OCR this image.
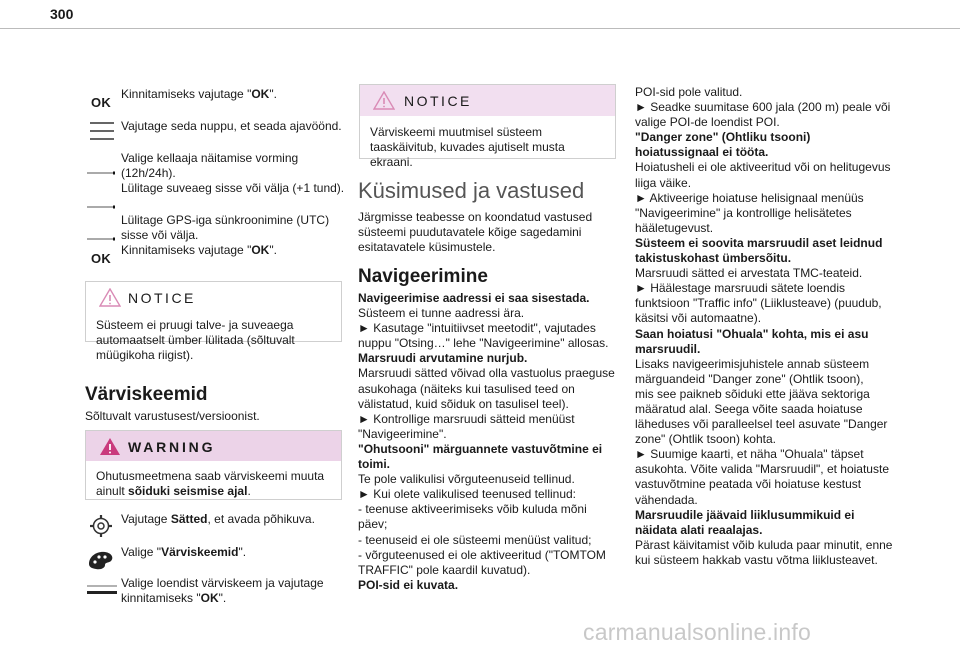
300
OK
Kinnitamiseks vajutage "OK".
Vajutage seda nuppu, et seada ajavöönd.
Valige kellaaja näitamise vorming (12h/24h).
Lülitage suveaeg sisse või välja (+1 tund).
Lülitage GPS-iga sünkroonimine (UTC) sisse või välja.
OK
Kinnitamiseks vajutage "OK".
NOTICE
Süsteem ei pruugi talve- ja suveaega automaatselt ümber lülitada (sõltuvalt müügikoha riigist).
Värviskeemid
Sõltuvalt varustusest/versioonist.
WARNING
Ohutusmeetmena saab värviskeemi muuta ainult sõiduki seismise ajal.
Vajutage Sätted, et avada põhikuva.
Valige "Värviskeemid".
Valige loendist värviskeem ja vajutage kinnitamiseks "OK".
NOTICE
Värviskeemi muutmisel süsteem taaskäivitub, kuvades ajutiselt musta ekraani.
Küsimused ja vastused
Järgmisse teabesse on koondatud vastused süsteemi puudutavatele kõige sagedamini esitatavatele küsimustele.
Navigeerimine
Navigeerimise aadressi ei saa sisestada.
Süsteem ei tunne aadressi ära.
► Kasutage "intuitiivset meetodit", vajutades
nuppu "Otsing…" lehe "Navigeerimine" allosas.
Marsruudi arvutamine nurjub.
Marsruudi sätted võivad olla vastuolus praeguse
asukohaga (näiteks kui tasulised teed on
välistatud, kuid sõiduk on tasulisel teel).
► Kontrollige marsruudi sätteid menüüst
"Navigeerimine".
"Ohutsooni" märguannete vastuvõtmine ei
toimi.
Te pole valikulisi võrguteenuseid tellinud.
► Kui olete valikulised teenused tellinud:
- teenuse aktiveerimiseks võib kuluda mõni
päev;
- teenuseid ei ole süsteemi menüüst valitud;
- võrguteenused ei ole aktiveeritud ("TOMTOM
TRAFFIC" pole kaardil kuvatud).
POI-sid ei kuvata.
POI-sid pole valitud.
► Seadke suumitase 600 jala (200 m) peale või
valige POI-de loendist POI.
"Danger zone" (Ohtliku tsooni)
hoiatussignaal ei tööta.
Hoiatusheli ei ole aktiveeritud või on helitugevus
liiga väike.
► Aktiveerige hoiatuse helisignaal menüüs
"Navigeerimine" ja kontrollige helisätetes
hääletugevust.
Süsteem ei soovita marsruudil aset leidnud
takistuskohast ümbersõitu.
Marsruudi sätted ei arvestata TMC-teateid.
► Häälestage marsruudi sätete loendis
funktsioon "Traffic info" (Liiklusteave) (puudub,
käsitsi või automaatne).
Saan hoiatusi "Ohuala" kohta, mis ei asu
marsruudil.
Lisaks navigeerimisjuhistele annab süsteem
märguandeid "Danger zone" (Ohtlik tsoon),
mis see paikneb sõiduki ette jääva sektoriga
määratud alal. Seega võite saada hoiatuse
läheduses või paralleelsel teel asuvate "Danger
zone" (Ohtlik tsoon) kohta.
► Suumige kaarti, et näha "Ohuala" täpset
asukohta. Võite valida "Marsruudil", et hoiatuste
vastuvõtmine peatada või hoiatuse kestust
vähendada.
Marsruudile jäävaid liiklusummikuid ei
näidata alati reaalajas.
Pärast käivitamist võib kuluda paar minutit, enne
kui süsteem hakkab vastu võtma liiklusteavet.
carmanualsonline.info
